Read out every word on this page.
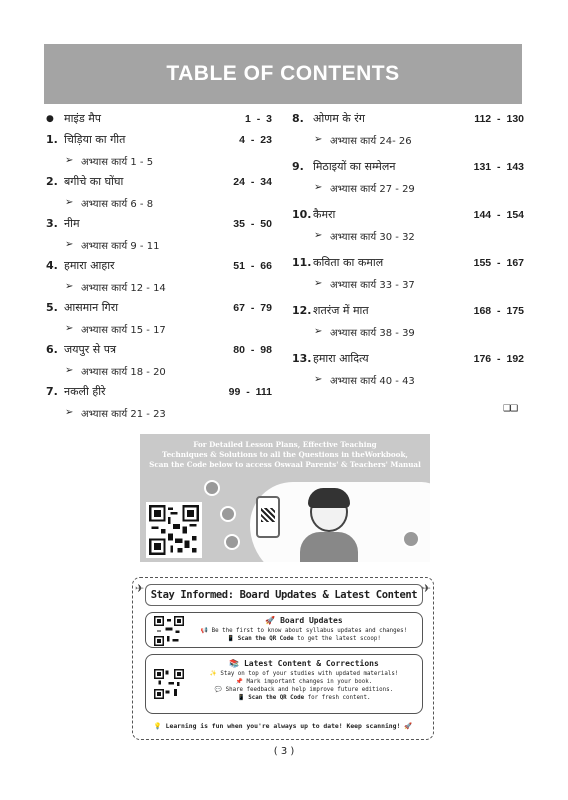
TABLE OF CONTENTS
● माइंड मैप	1 - 3
1. चिड़िया का गीत	4 - 23
➢ अभ्यास कार्य 1 - 5
2. बगीचे का घोंघा	24 - 34
➢ अभ्यास कार्य 6 - 8
3. नीम	35 - 50
➢ अभ्यास कार्य 9 - 11
4. हमारा आहार	51 - 66
➢ अभ्यास कार्य 12 - 14
5. आसमान गिरा	67 - 79
➢ अभ्यास कार्य 15 - 17
6. जयपुर से पत्र	80 - 98
➢ अभ्यास कार्य 18 - 20
7. नकली हीरे	99 - 111
➢ अभ्यास कार्य 21 - 23
8. ओणम के रंग	112 - 130
➢ अभ्यास कार्य 24- 26
9. मिठाइयों का सम्मेलन	131 - 143
➢ अभ्यास कार्य 27 - 29
10. कैमरा	144 - 154
➢ अभ्यास कार्य 30 - 32
11. कविता का कमाल	155 - 167
➢ अभ्यास कार्य 33 - 37
12. शतरंज में मात	168 - 175
➢ अभ्यास कार्य 38 - 39
13. हमारा आदित्य	176 - 192
➢ अभ्यास कार्य 40 - 43
❑❑
For Detailed Lesson Plans, Effective Teaching
Techniques & Solutions to all the Questions in theWorkbook,
Scan the Code below to access Oswaal Parents' & Teachers' Manual
✈	✈
Stay Informed: Board Updates & Latest Content
🚀 Board Updates
📢 Be the first to know about syllabus updates and changes!
📱 Scan the QR Code to get the latest scoop!
📚 Latest Content & Corrections
✨ Stay on top of your studies with updated materials!
📌 Mark important changes in your book.
💬 Share feedback and help improve future editions.
📱 Scan the QR Code for fresh content.
💡 Learning is fun when you're always up to date! Keep scanning! 🚀
( 3 )
